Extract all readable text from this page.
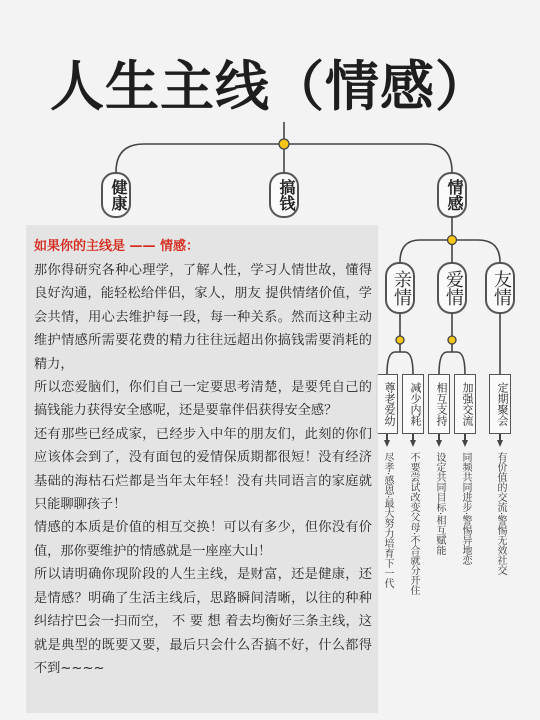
人生主线（情感）
健康	搞钱	情感
亲情	爱情	友情
尊老爱幼	减少内耗	相互支持	加强交流	定期聚会
尽孝·感恩·最大努力培育下一代 不要尝试改变父母·不合就分开住 设定共同目标·相互赋能 同频共同进步·警惕异地恋 有价值的交流·警惕无效社交
如果你的主线是 —— 情感：

那你得研究各种心理学，了解人性，学习人情世故，懂得良好沟通，能轻松给伴侣，家人，朋友 提供情绪价值，学会共情，用心去维护每一段，每一种关系。然而这种主动维护情感所需要花费的精力往往远超出你搞钱需要消耗的精力，

所以恋爱脑们，你们自己一定要思考清楚，是要凭自己的搞钱能力获得安全感呢，还是要靠伴侣获得安全感？

还有那些已经成家，已经步入中年的朋友们，此刻的你们应该体会到了，没有面包的爱情保质期都很短！没有经济基础的海枯石烂都是当年太年轻！没有共同语言的家庭就只能聊聊孩子！

情感的本质是价值的相互交换！可以有多少，但你没有价值，那你要维护的情感就是一座座大山！

所以请明确你现阶段的人生主线，是财富，还是健康，还是情感？明确了生活主线后，思路瞬间清晰，以往的种种纠结拧巴会一扫而空， 不 要 想 着去均衡好三条主线，这就是典型的既要又要，最后只会什么否搞不好，什么都得不到~~~~
